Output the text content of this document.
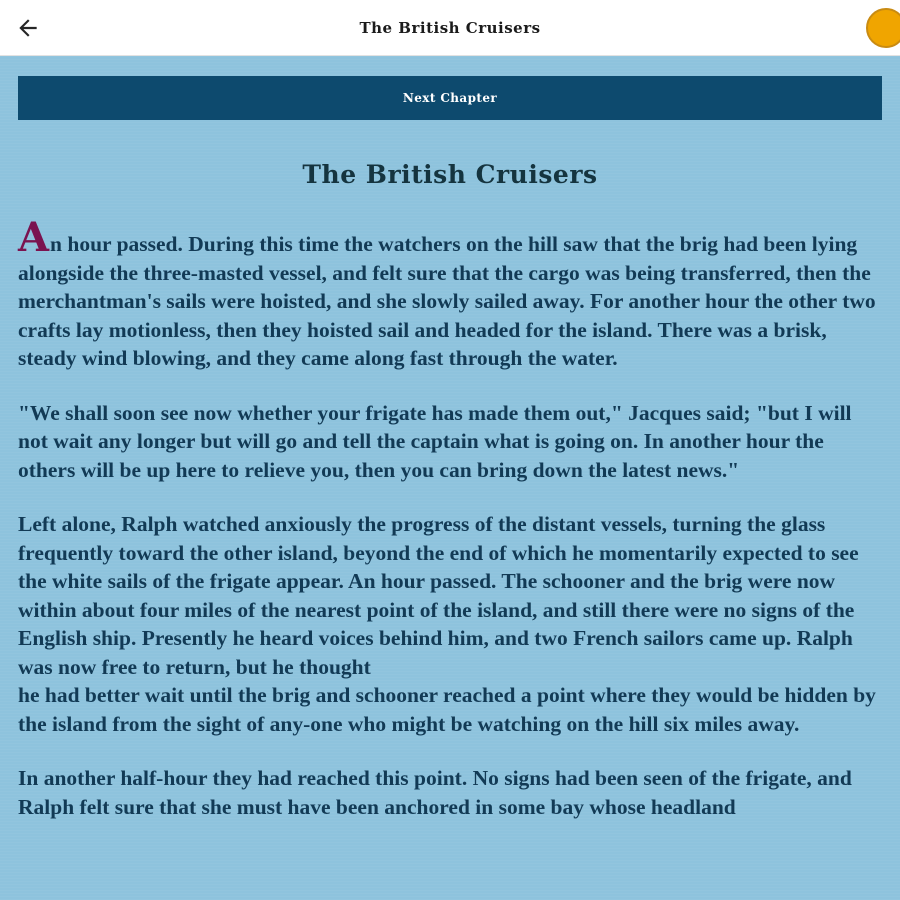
The British Cruisers
Next Chapter
The British Cruisers

An hour passed. During this time the watchers on the hill saw that the brig had been lying alongside the three-masted vessel, and felt sure that the cargo was being transferred, then the merchantman's sails were hoisted, and she slowly sailed away. For another hour the other two crafts lay motionless, then they hoisted sail and headed for the island. There was a brisk, steady wind blowing, and they came along fast through the water.

"We shall soon see now whether your frigate has made them out," Jacques said; "but I will not wait any longer but will go and tell the captain what is going on. In another hour the others will be up here to relieve you, then you can bring down the latest news."

Left alone, Ralph watched anxiously the progress of the distant vessels, turning the glass frequently toward the other island, beyond the end of which he momentarily expected to see the white sails of the frigate appear. An hour passed. The schooner and the brig were now within about four miles of the nearest point of the island, and still there were no signs of the English ship. Presently he heard voices behind him, and two French sailors came up. Ralph was now free to return, but he thought

he had better wait until the brig and schooner reached a point where they would be hidden by the island from the sight of any-one who might be watching on the hill six miles away.

In another half-hour they had reached this point. No signs had been seen of the frigate, and Ralph felt sure that she must have been anchored in some bay whose headland
